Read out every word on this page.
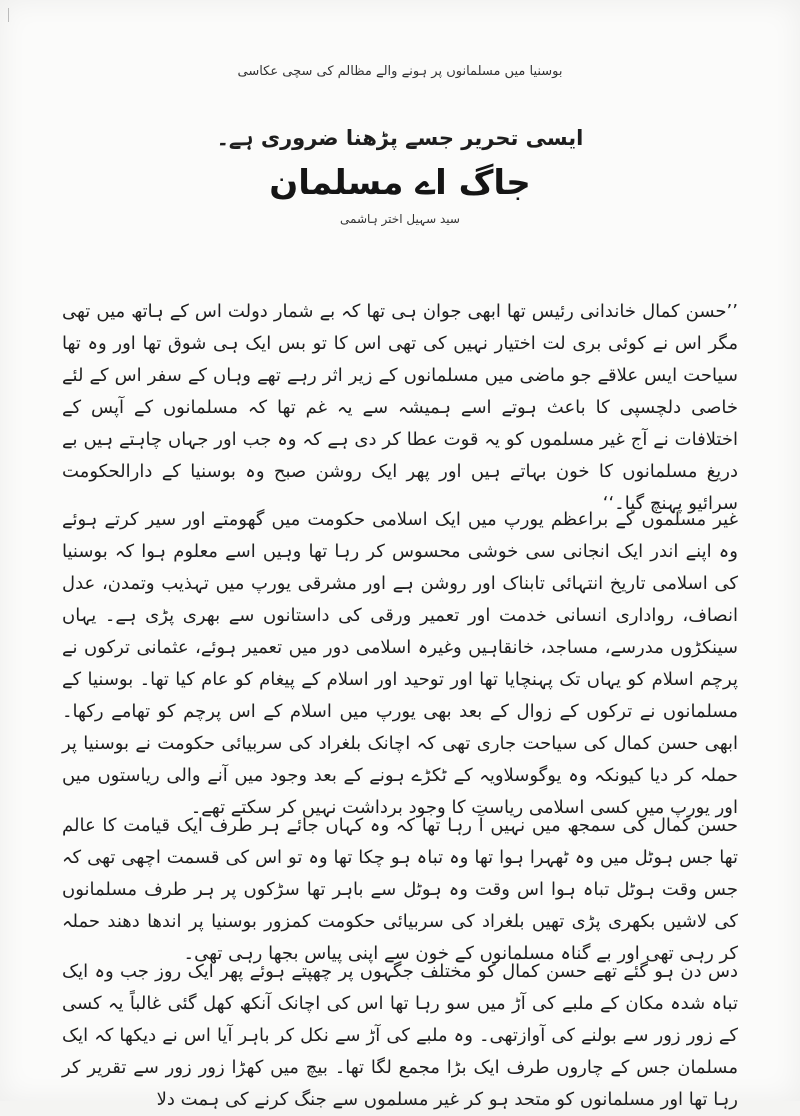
بوسنیا میں مسلمانوں پر ہونے والے مظالم کی سچی عکاسی
ایسی تحریر جسے پڑھنا ضروری ہے۔
جاگ اے مسلمان
سید سہیل اختر ہاشمی

’’حسن کمال خاندانی رئیس تھا ابھی جوان ہی تھا کہ بے شمار دولت اس کے ہاتھ میں تھی مگر اس نے کوئی بری لت اختیار نہیں کی تھی اس کا تو بس ایک ہی شوق تھا اور وہ تھا سیاحت ایس علاقے جو ماضی میں مسلمانوں کے زیر اثر رہے تھے وہاں کے سفر اس کے لئے خاصی دلچسپی کا باعث ہوتے اسے ہمیشہ سے یہ غم تھا کہ مسلمانوں کے آپس کے اختلافات نے آج غیر مسلموں کو یہ قوت عطا کر دی ہے کہ وہ جب اور جہاں چاہتے ہیں بے دریغ مسلمانوں کا خون بہاتے ہیں اور پھر ایک روشن صبح وہ بوسنیا کے دارالحکومت سرائیو پہنچ گیا۔‘‘

غیر مسلموں کے براعظم یورپ میں ایک اسلامی حکومت میں گھومتے اور سیر کرتے ہوئے وہ اپنے اندر ایک انجانی سی خوشی محسوس کر رہا تھا وہیں اسے معلوم ہوا کہ بوسنیا کی اسلامی تاریخ انتہائی تابناک اور روشن ہے اور مشرقی یورپ میں تہذیب وتمدن، عدل انصاف، رواداری انسانی خدمت اور تعمیر ورقی کی داستانوں سے بھری پڑی ہے۔ یہاں سینکڑوں مدرسے، مساجد، خانقاہیں وغیرہ اسلامی دور میں تعمیر ہوئے، عثمانی ترکوں نے پرچم اسلام کو یہاں تک پہنچایا تھا اور توحید اور اسلام کے پیغام کو عام کیا تھا۔ بوسنیا کے مسلمانوں نے ترکوں کے زوال کے بعد بھی یورپ میں اسلام کے اس پرچم کو تھامے رکھا۔ ابھی حسن کمال کی سیاحت جاری تھی کہ اچانک بلغراد کی سربیائی حکومت نے بوسنیا پر حملہ کر دیا کیونکہ وہ یوگوسلاویہ کے ٹکڑے ہونے کے بعد وجود میں آنے والی ریاستوں میں اور یورپ میں کسی اسلامی ریاست کا وجود برداشت نہیں کر سکتے تھے۔

حسن کمال کی سمجھ میں نہیں آ رہا تھا کہ وہ کہاں جائے ہر طرف ایک قیامت کا عالم تھا جس ہوٹل میں وہ ٹھہرا ہوا تھا وہ تباہ ہو چکا تھا وہ تو اس کی قسمت اچھی تھی کہ جس وقت ہوٹل تباہ ہوا اس وقت وہ ہوٹل سے باہر تھا سڑکوں پر ہر طرف مسلمانوں کی لاشیں بکھری پڑی تھیں بلغراد کی سربیائی حکومت کمزور بوسنیا پر اندھا دھند حملہ کر رہی تھی اور بے گناہ مسلمانوں کے خون سے اپنی پیاس بجھا رہی تھی۔

دس دن ہو گئے تھے حسن کمال کو مختلف جگہوں پر چھپتے ہوئے پھر ایک روز جب وہ ایک تباہ شدہ مکان کے ملبے کی آڑ میں سو رہا تھا اس کی اچانک آنکھ کھل گئی غالباً یہ کسی کے زور زور سے بولنے کی آوازتھی۔ وہ ملبے کی آڑ سے نکل کر باہر آیا اس نے دیکھا کہ ایک مسلمان جس کے چاروں طرف ایک بڑا مجمع لگا تھا۔ بیچ میں کھڑا زور زور سے تقریر کر رہا تھا اور مسلمانوں کو متحد ہو کر غیر مسلموں سے جنگ کرنے کی ہمت دلا
